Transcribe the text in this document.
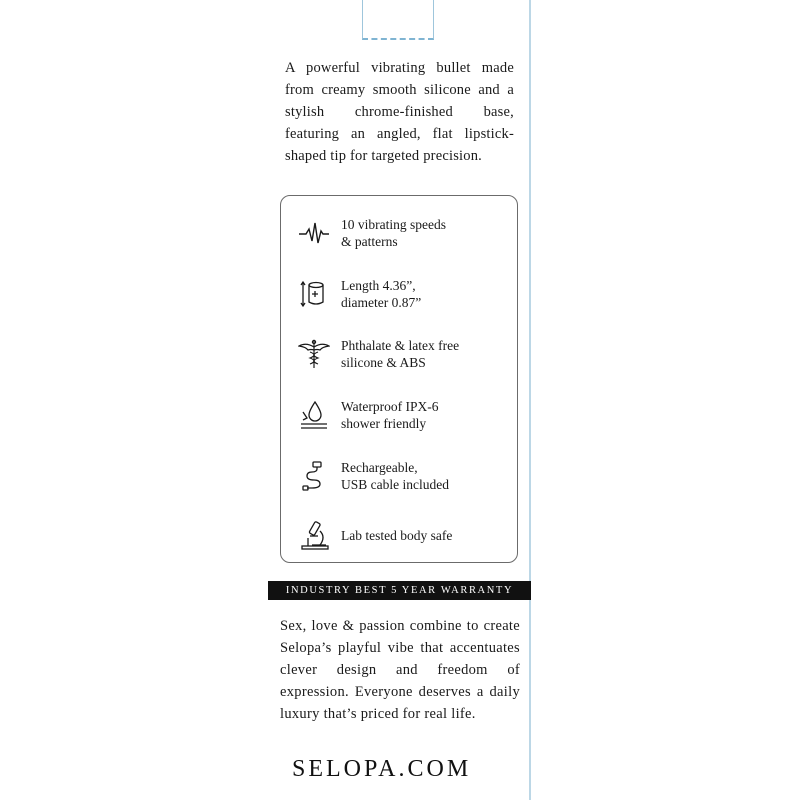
A powerful vibrating bullet made from creamy smooth silicone and a stylish chrome-finished base, featuring an angled, flat lipstick-shaped tip for targeted precision.
10 vibrating speeds
& patterns
Length 4.36”,
diameter 0.87”
Phthalate & latex free
silicone & ABS
Waterproof IPX-6
shower friendly
Rechargeable,
USB cable included
Lab tested body safe
INDUSTRY BEST 5 YEAR WARRANTY
Sex, love & passion combine to create Selopa’s playful vibe that accentuates clever design and freedom of expression. Everyone deserves a daily luxury that’s priced for real life.
SELOPA.COM
